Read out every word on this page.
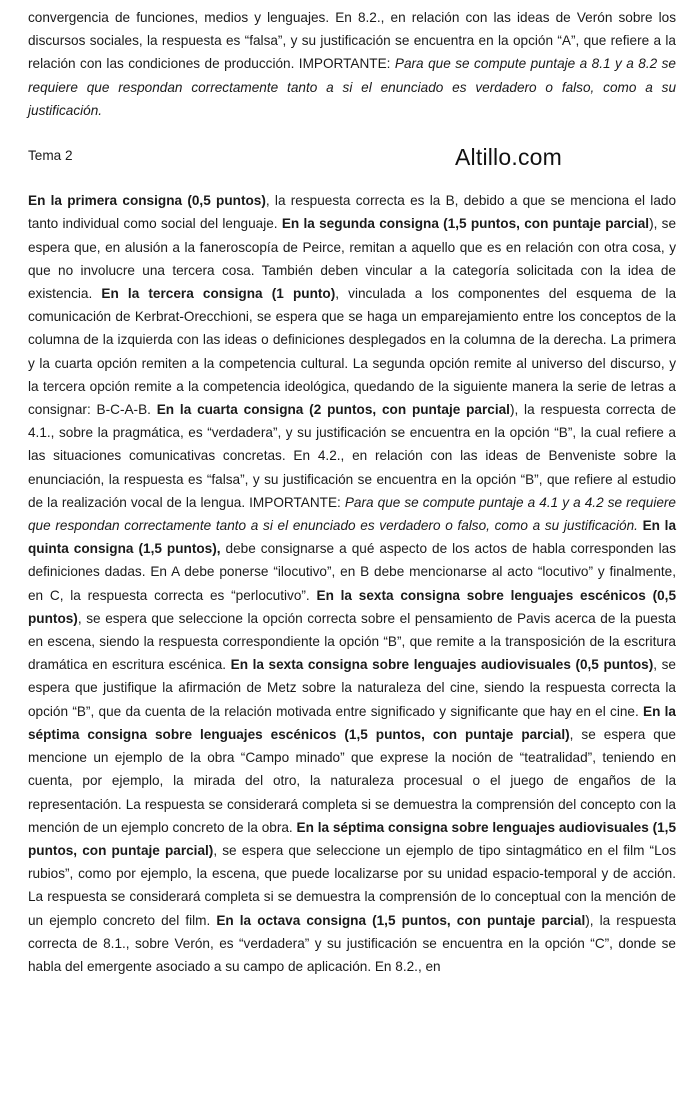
Altillo.com

convergencia de funciones, medios y lenguajes. En 8.2., en relación con las ideas de Verón sobre los discursos sociales, la respuesta es “falsa”, y su justificación se encuentra en la opción “A”, que refiere a la relación con las condiciones de producción. IMPORTANTE: Para que se compute puntaje a 8.1 y a 8.2 se requiere que respondan correctamente tanto a si el enunciado es verdadero o falso, como a su justificación.

Tema 2

En la primera consigna (0,5 puntos), la respuesta correcta es la B, debido a que se menciona el lado tanto individual como social del lenguaje. En la segunda consigna (1,5 puntos, con puntaje parcial), se espera que, en alusión a la faneroscopía de Peirce, remitan a aquello que es en relación con otra cosa, y que no involucre una tercera cosa. También deben vincular a la categoría solicitada con la idea de existencia. En la tercera consigna (1 punto), vinculada a los componentes del esquema de la comunicación de Kerbrat-Orecchioni, se espera que se haga un emparejamiento entre los conceptos de la columna de la izquierda con las ideas o definiciones desplegados en la columna de la derecha. La primera y la cuarta opción remiten a la competencia cultural. La segunda opción remite al universo del discurso, y la tercera opción remite a la competencia ideológica, quedando de la siguiente manera la serie de letras a consignar: B-C-A-B. En la cuarta consigna (2 puntos, con puntaje parcial), la respuesta correcta de 4.1., sobre la pragmática, es “verdadera”, y su justificación se encuentra en la opción “B”, la cual refiere a las situaciones comunicativas concretas. En 4.2., en relación con las ideas de Benveniste sobre la enunciación, la respuesta es “falsa”, y su justificación se encuentra en la opción “B”, que refiere al estudio de la realización vocal de la lengua. IMPORTANTE: Para que se compute puntaje a 4.1 y a 4.2 se requiere que respondan correctamente tanto a si el enunciado es verdadero o falso, como a su justificación. En la quinta consigna (1,5 puntos), debe consignarse a qué aspecto de los actos de habla corresponden las definiciones dadas. En A debe ponerse “ilocutivo”, en B debe mencionarse al acto “locutivo” y finalmente, en C, la respuesta correcta es “perlocutivo”. En la sexta consigna sobre lenguajes escénicos (0,5 puntos), se espera que seleccione la opción correcta sobre el pensamiento de Pavis acerca de la puesta en escena, siendo la respuesta correspondiente la opción “B”, que remite a la transposición de la escritura dramática en escritura escénica. En la sexta consigna sobre lenguajes audiovisuales (0,5 puntos), se espera que justifique la afirmación de Metz sobre la naturaleza del cine, siendo la respuesta correcta la opción “B”, que da cuenta de la relación motivada entre significado y significante que hay en el cine. En la séptima consigna sobre lenguajes escénicos (1,5 puntos, con puntaje parcial), se espera que mencione un ejemplo de la obra “Campo minado” que exprese la noción de “teatralidad”, teniendo en cuenta, por ejemplo, la mirada del otro, la naturaleza procesual o el juego de engaños de la representación. La respuesta se considerará completa si se demuestra la comprensión del concepto con la mención de un ejemplo concreto de la obra. En la séptima consigna sobre lenguajes audiovisuales (1,5 puntos, con puntaje parcial), se espera que seleccione un ejemplo de tipo sintagmático en el film “Los rubios”, como por ejemplo, la escena, que puede localizarse por su unidad espacio-temporal y de acción. La respuesta se considerará completa si se demuestra la comprensión de lo conceptual con la mención de un ejemplo concreto del film. En la octava consigna (1,5 puntos, con puntaje parcial), la respuesta correcta de 8.1., sobre Verón, es “verdadera” y su justificación se encuentra en la opción “C”, donde se habla del emergente asociado a su campo de aplicación. En 8.2., en
